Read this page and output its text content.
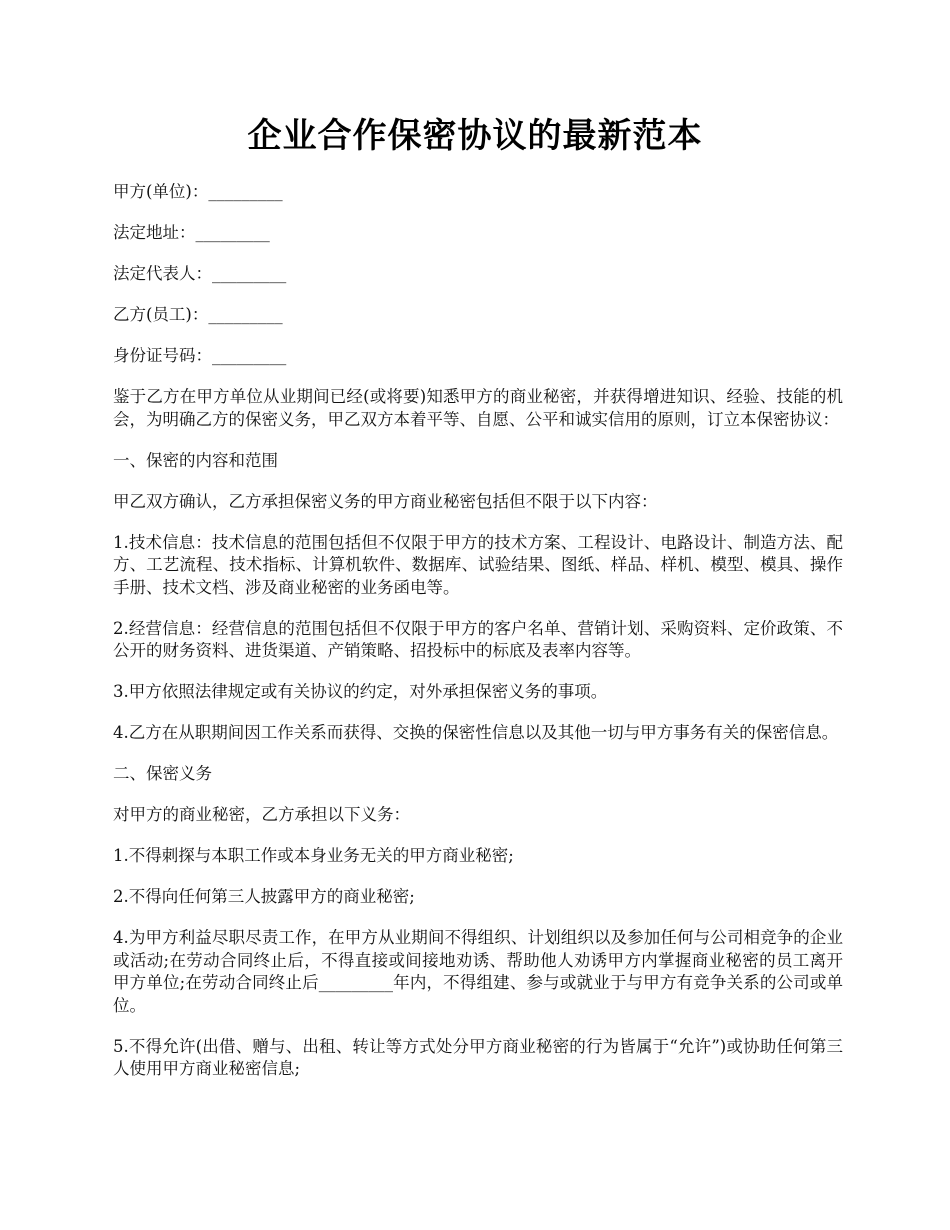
企业合作保密协议的最新范本

甲方(单位)：_________

法定地址：_________

法定代表人：_________

乙方(员工)：_________

身份证号码：_________

鉴于乙方在甲方单位从业期间已经(或将要)知悉甲方的商业秘密，并获得增进知识、经验、技能的机会，为明确乙方的保密义务，甲乙双方本着平等、自愿、公平和诚实信用的原则，订立本保密协议：

一、保密的内容和范围

甲乙双方确认，乙方承担保密义务的甲方商业秘密包括但不限于以下内容：

1.技术信息：技术信息的范围包括但不仅限于甲方的技术方案、工程设计、电路设计、制造方法、配方、工艺流程、技术指标、计算机软件、数据库、试验结果、图纸、样品、样机、模型、模具、操作手册、技术文档、涉及商业秘密的业务函电等。

2.经营信息：经营信息的范围包括但不仅限于甲方的客户名单、营销计划、采购资料、定价政策、不公开的财务资料、进货渠道、产销策略、招投标中的标底及表率内容等。

3.甲方依照法律规定或有关协议的约定，对外承担保密义务的事项。

4.乙方在从职期间因工作关系而获得、交换的保密性信息以及其他一切与甲方事务有关的保密信息。

二、保密义务

对甲方的商业秘密，乙方承担以下义务：

1.不得刺探与本职工作或本身业务无关的甲方商业秘密;

2.不得向任何第三人披露甲方的商业秘密;

4.为甲方利益尽职尽责工作，在甲方从业期间不得组织、计划组织以及参加任何与公司相竞争的企业或活动;在劳动合同终止后，不得直接或间接地劝诱、帮助他人劝诱甲方内掌握商业秘密的员工离开甲方单位;在劳动合同终止后_________年内，不得组建、参与或就业于与甲方有竞争关系的公司或单位。

5.不得允许(出借、赠与、出租、转让等方式处分甲方商业秘密的行为皆属于“允许”)或协助任何第三人使用甲方商业秘密信息;
